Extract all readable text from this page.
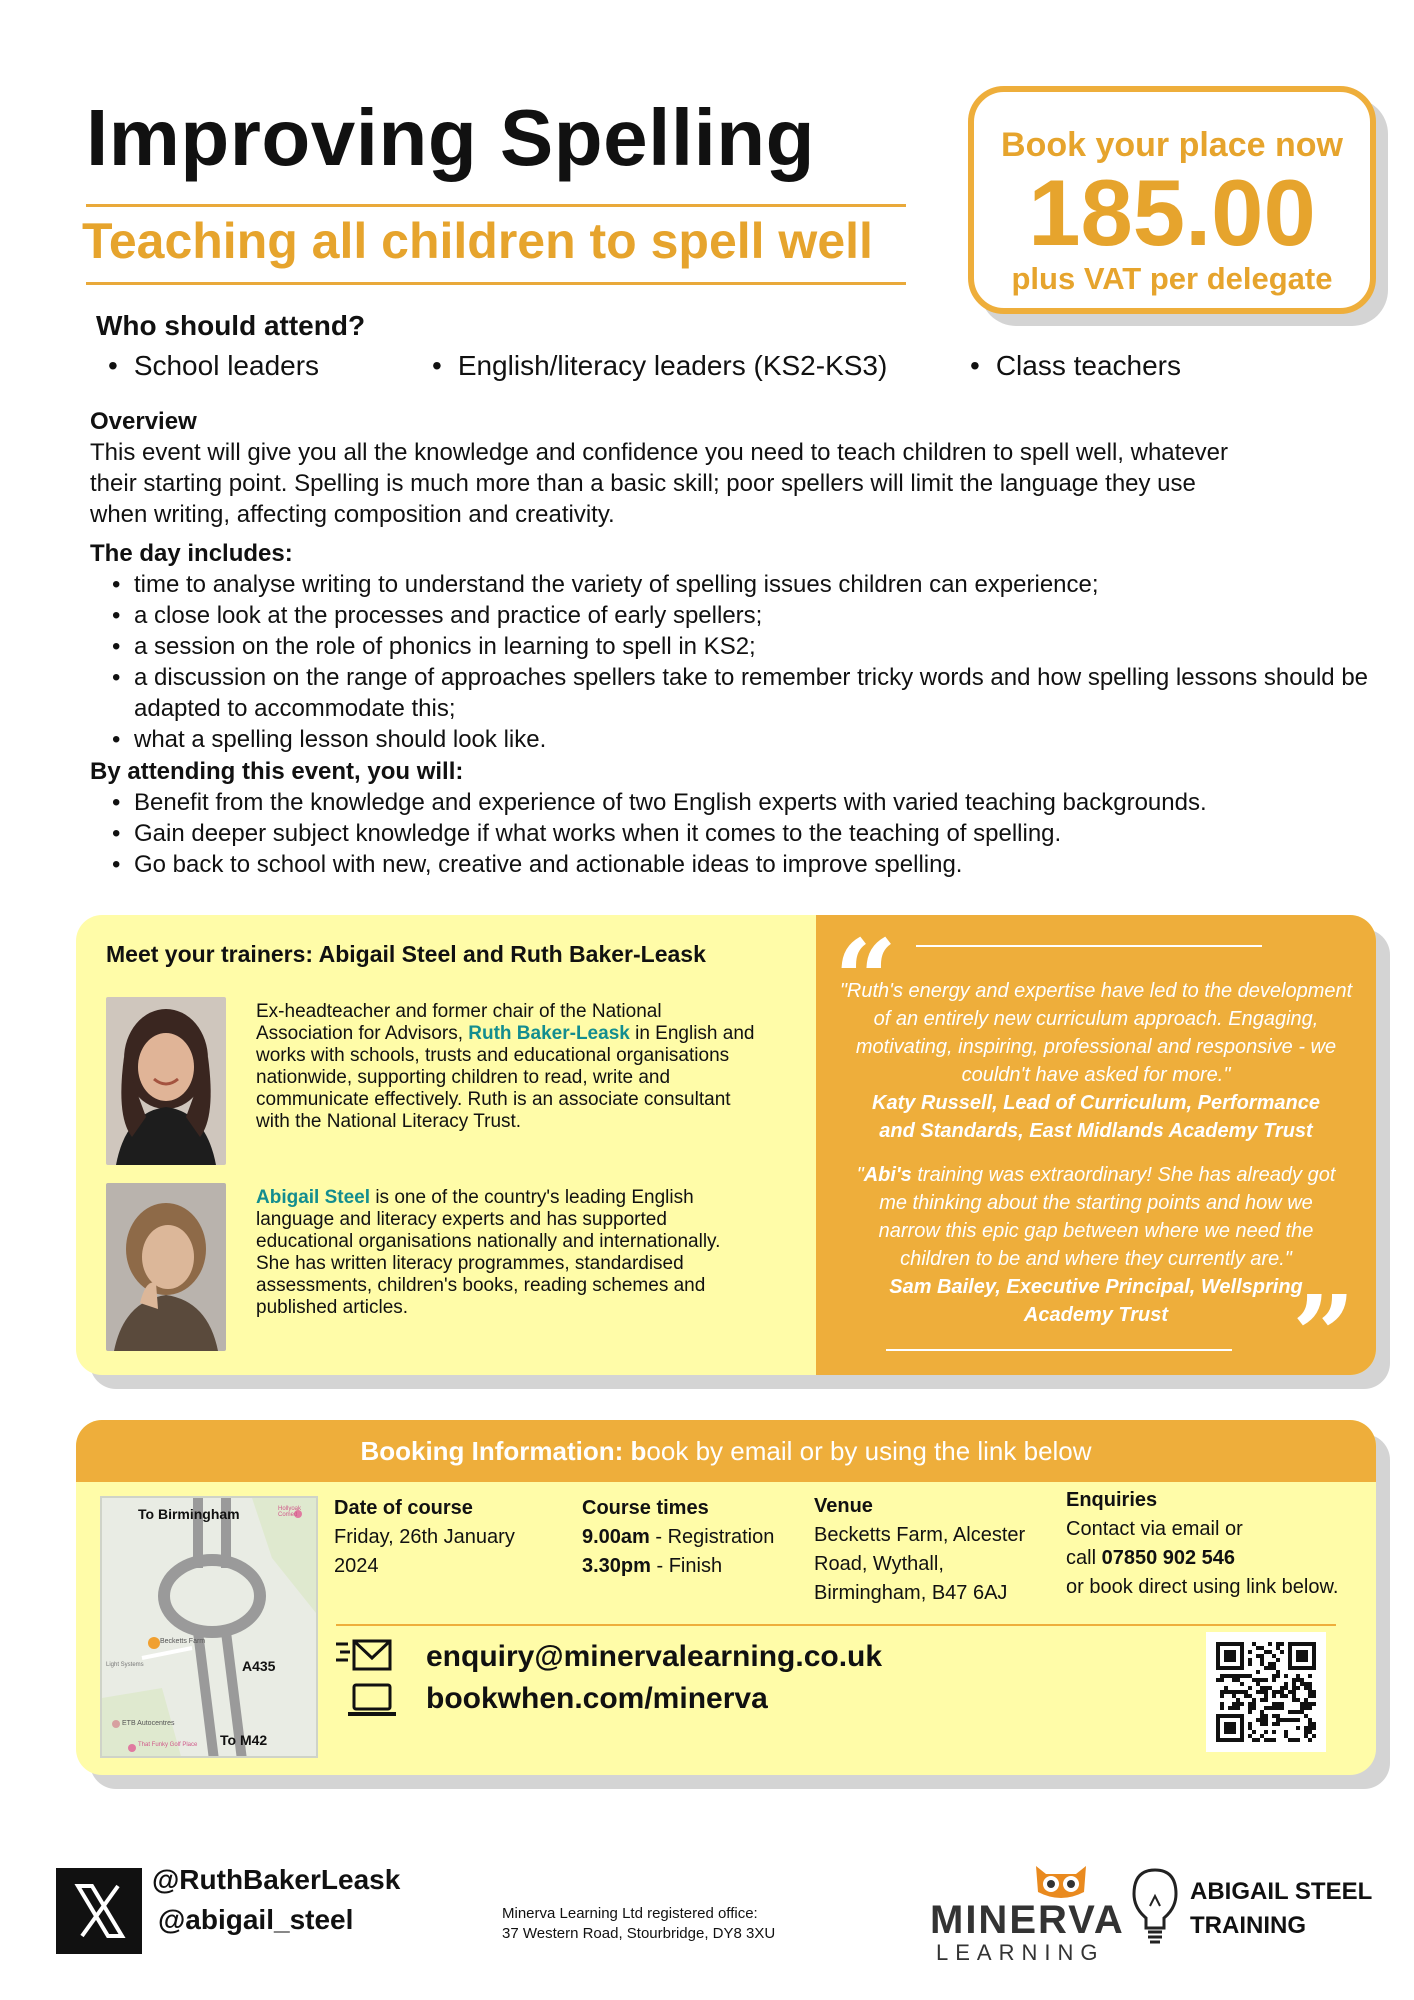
Improving Spelling
Teaching all children to spell well
Book your place now
185.00
plus VAT per delegate
Who should attend?
• School leaders	• English/literacy leaders (KS2-KS3)	• Class teachers
Overview
This event will give you all the knowledge and confidence you need to teach children to spell well, whatever
their starting point. Spelling is much more than a basic skill; poor spellers will limit the language they use
when writing, affecting composition and creativity.
The day includes:
• time to analyse writing to understand the variety of spelling issues children can experience;
• a close look at the processes and practice of early spellers;
• a session on the role of phonics in learning to spell in KS2;
• a discussion on the range of approaches spellers take to remember tricky words and how spelling lessons should be adapted to accommodate this;
• what a spelling lesson should look like.
By attending this event, you will:
• Benefit from the knowledge and experience of two English experts with varied teaching backgrounds.
• Gain deeper subject knowledge if what works when it comes to the teaching of spelling.
• Go back to school with new, creative and actionable ideas to improve spelling.
Meet your trainers: Abigail Steel and Ruth Baker-Leask
Ex-headteacher and former chair of the National Association for Advisors, Ruth Baker-Leask in English and works with schools, trusts and educational organisations nationwide, supporting children to read, write and communicate effectively. Ruth is an associate consultant with the National Literacy Trust.
Abigail Steel is one of the country's leading English language and literacy experts and has supported educational organisations nationally and internationally. She has written literacy programmes, standardised assessments, children's books, reading schemes and published articles.
“
"Ruth's energy and expertise have led to the development of an entirely new curriculum approach. Engaging, motivating, inspiring, professional and responsive - we couldn't have asked for more."
Katy Russell, Lead of Curriculum, Performance and Standards, East Midlands Academy Trust
"Abi's training was extraordinary! She has already got me thinking about the starting points and how we narrow this epic gap between where we need the children to be and where they currently are."
Sam Bailey, Executive Principal, Wellspring Academy Trust	”
Booking Information: book by email or by using the link below
To Birmingham	Hollyoak Comed
Becketts Farm
Light Systems	A435
ETB Autocentres
That Funky Golf Place To M42
Date of course
Friday, 26th January
2024
Course times
9.00am - Registration
3.30pm - Finish
Venue
Becketts Farm, Alcester
Road, Wythall,
Birmingham, B47 6AJ
Enquiries
Contact via email or
call 07850 902 546
or book direct using link below.
enquiry@minervalearning.co.uk
bookwhen.com/minerva
@RuthBakerLeask
@abigail_steel	Minerva Learning Ltd registered office:
37 Western Road, Stourbridge, DY8 3XU	MINERVA
LEARNING
ABIGAIL STEEL
TRAINING
